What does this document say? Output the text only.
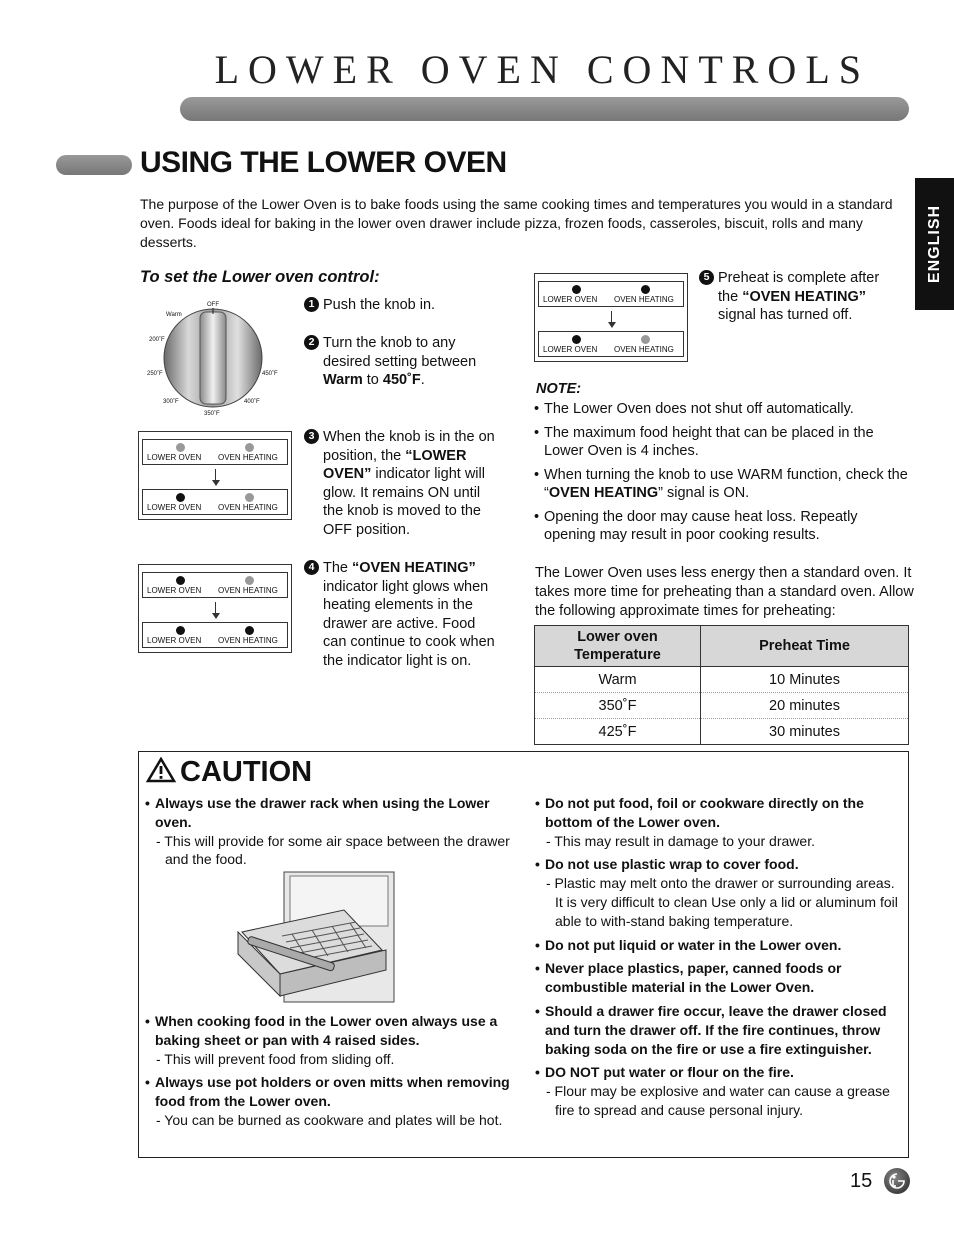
LOWER OVEN CONTROLS
USING THE LOWER OVEN
ENGLISH
The purpose of the Lower Oven is to bake foods using the same cooking times and temperatures you would in a standard oven. Foods ideal for baking in the lower oven drawer include pizza, frozen foods, casseroles, biscuit, rolls and many desserts.
To set the Lower oven control:
OFF
Warm
200˚F
250˚F
300˚F
350˚F
400˚F
450˚F
LOWER OVEN OVEN HEATING
LOWER OVEN OVEN HEATING
LOWER OVEN OVEN HEATING
LOWER OVEN OVEN HEATING
LOWER OVEN OVEN HEATING
LOWER OVEN OVEN HEATING
1 Push the knob in.
2 Turn the knob to any
desired setting between
Warm to 450˚F.
3 When the knob is in the on
position, the “LOWER
OVEN” indicator light will
glow. It remains ON until
the knob is moved to the
OFF position.
4 The “OVEN HEATING”
indicator light glows when
heating elements in the
drawer are active. Food
can continue to cook when
the indicator light is on.
5 Preheat is complete after
the “OVEN HEATING”
signal has turned off.
NOTE:
• The Lower Oven does not shut off automatically.
• The maximum food height that can be placed in the Lower Oven is 4 inches.
• When turning the knob to use WARM function, check the “OVEN HEATING” signal is ON.
• Opening the door may cause heat loss. Repeatly opening may result in poor cooking results.
The Lower Oven uses less energy then a standard oven. It takes more time for preheating than a standard oven. Allow the following approximate times for preheating:
Lower oven Temperature	Preheat Time
Warm	10 Minutes
350˚F	20 minutes
425˚F	30 minutes
CAUTION
• Always use the drawer rack when using the Lower oven.
- This will provide for some air space between the drawer and the food.
• When cooking food in the Lower oven always use a baking sheet or pan with 4 raised sides.
- This will prevent food from sliding off.
• Always use pot holders or oven mitts when removing food from the Lower oven.
- You can be burned as cookware and plates will be hot.
• Do not put food, foil or cookware directly on the bottom of the Lower oven.
- This may result in damage to your drawer.
• Do not use plastic wrap to cover food.
- Plastic may melt onto the drawer or surrounding areas. It is very difficult to clean Use only a lid or aluminum foil able to with-stand baking temperature.
• Do not put liquid or water in the Lower oven.
• Never place plastics, paper, canned foods or combustible material in the Lower Oven.
• Should a drawer fire occur, leave the drawer closed and turn the drawer off. If the fire continues, throw baking soda on the fire or use a fire extinguisher.
• DO NOT put water or flour on the fire.
- Flour may be explosive and water can cause a grease fire to spread and cause personal injury.
15
